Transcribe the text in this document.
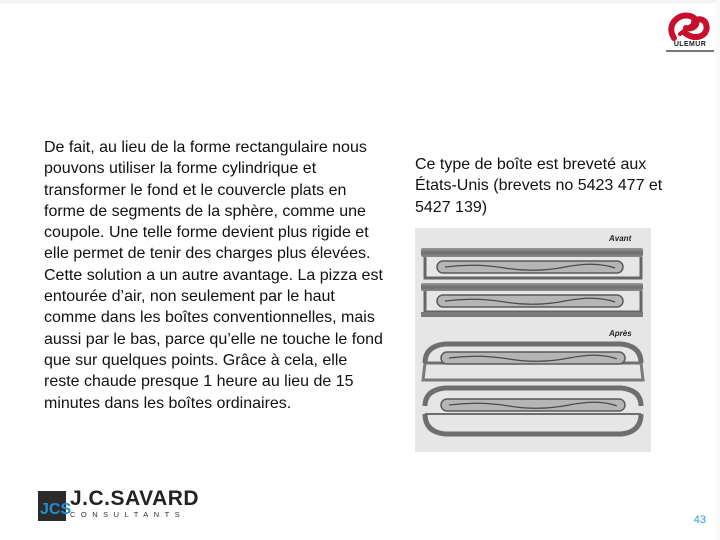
ULEMUR
De fait, au lieu de la forme rectangulaire nous pouvons utiliser la forme cylindrique et transformer le fond et le couvercle plats en forme de segments de la sphère, comme une coupole. Une telle forme devient plus rigide et elle permet de tenir des charges plus élevées.
Cette solution a un autre avantage. La pizza est entourée d’air, non seulement par le haut comme dans les boîtes conventionnelles, mais aussi par le bas, parce qu’elle ne touche le fond que sur quelques points. Grâce à cela, elle reste chaude presque 1 heure au lieu de 15 minutes dans les boîtes ordinaires.
Ce type de boîte est breveté aux États-Unis (brevets no 5423 477 et 5427 139)
Avant
Après
JCS
J.C.SAVARD
CONSULTANTS	43
